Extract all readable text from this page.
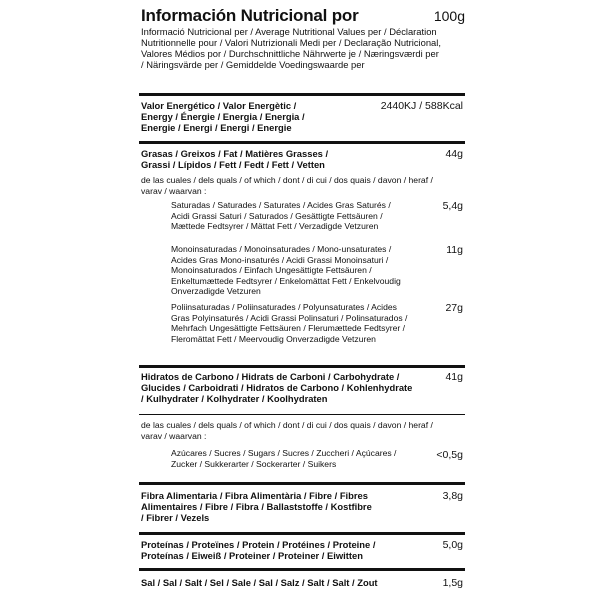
Información Nutricional por	100g
Informació Nutricional per / Average Nutritional Values per / Déclaration Nutritionnelle pour / Valori Nutrizionali Medi per / Declaração Nutricional, Valores Médios por / Durchschnittliche Nährwerte je / Næringsværdi per / Näringsvärde per / Gemiddelde Voedingswaarde per
Valor Energético / Valor Energètic / Energy / Énergie / Energia / Energia / Energie / Energi / Energi / Energie
2440KJ / 588Kcal
Grasas / Greixos / Fat / Matières Grasses / Grassi / Lípidos / Fett / Fedt / Fett / Vetten
44g
de las cuales / dels quals / of which / dont / di cui / dos quais / davon / heraf / varav / waarvan :
Saturadas / Saturades / Saturates / Acides Gras Saturés / Acidi Grassi Saturi / Saturados / Gesättigte Fettsäuren / Mættede Fedtsyrer / Mättat Fett / Verzadigde Vetzuren
5,4g
Monoinsaturadas / Monoinsaturades / Mono-unsaturates / Acides Gras Mono-insaturés / Acidi Grassi Monoinsaturi / Monoinsaturados / Einfach Ungesättigte Fettsäuren / Enkeltumættede Fedtsyrer / Enkelomättat Fett / Enkelvoudig Onverzadigde Vetzuren
11g
Poliinsaturadas / Poliinsaturades / Polyunsaturates / Acides Gras Polyinsaturés / Acidi Grassi Polinsaturi / Polinsaturados / Mehrfach Ungesättigte Fettsäuren / Flerumættede Fedtsyrer / Fleromättat Fett / Meervoudig Onverzadigde Vetzuren
27g
Hidratos de Carbono / Hidrats de Carboni / Carbohydrate / Glucides / Carboidrati / Hidratos de Carbono / Kohlenhydrate / Kulhydrater / Kolhydrater / Koolhydraten
41g
de las cuales / dels quals / of which / dont / di cui / dos quais / davon / heraf / varav / waarvan :
Azúcares / Sucres / Sugars / Sucres / Zuccheri / Açúcares / Zucker / Sukkerarter / Sockerarter / Suikers
<0,5g
Fibra Alimentaria / Fibra Alimentària / Fibre / Fibres Alimentaires / Fibre / Fibra / Ballaststoffe / Kostfibre / Fibrer / Vezels
3,8g
Proteínas / Proteïnes / Protein / Protéines / Proteine / Proteínas / Eiweiß / Proteiner / Proteiner / Eiwitten
5,0g
Sal / Sal / Salt / Sel / Sale / Sal / Salz / Salt / Salt / Zout	1,5g
